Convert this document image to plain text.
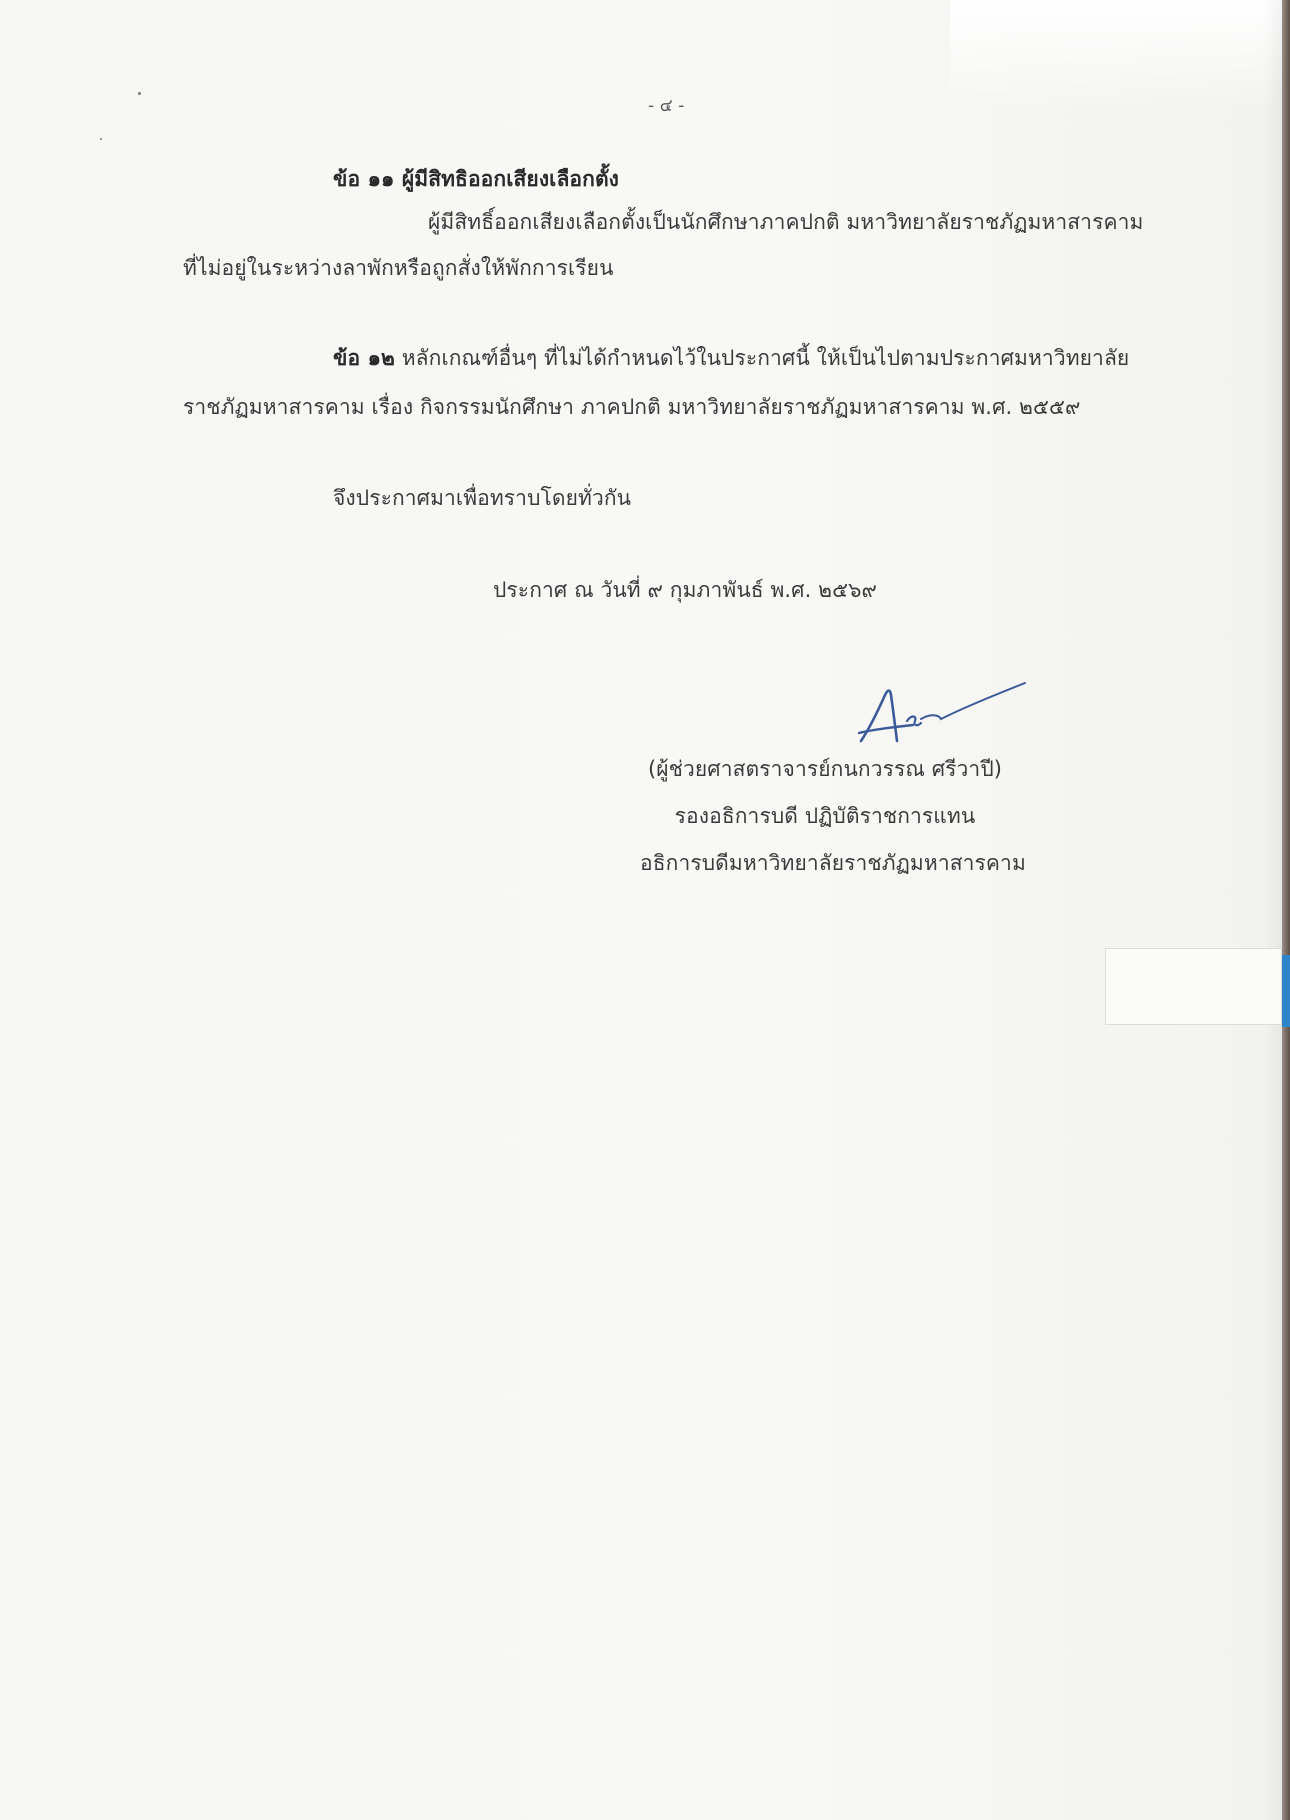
- ๔ -
ข้อ ๑๑ ผู้มีสิทธิออกเสียงเลือกตั้ง
ผู้มีสิทธิ์ออกเสียงเลือกตั้งเป็นนักศึกษาภาคปกติ มหาวิทยาลัยราชภัฏมหาสารคาม
ที่ไม่อยู่ในระหว่างลาพักหรือถูกสั่งให้พักการเรียน
ข้อ ๑๒ หลักเกณฑ์อื่นๆ ที่ไม่ได้กำหนดไว้ในประกาศนี้ ให้เป็นไปตามประกาศมหาวิทยาลัย
ราชภัฏมหาสารคาม เรื่อง กิจกรรมนักศึกษา ภาคปกติ มหาวิทยาลัยราชภัฏมหาสารคาม พ.ศ. ๒๕๕๙
จึงประกาศมาเพื่อทราบโดยทั่วกัน
ประกาศ ณ วันที่ ๙ กุมภาพันธ์ พ.ศ. ๒๕๖๙
(ผู้ช่วยศาสตราจารย์กนกวรรณ ศรีวาปี)
รองอธิการบดี ปฏิบัติราชการแทน
อธิการบดีมหาวิทยาลัยราชภัฏมหาสารคาม
